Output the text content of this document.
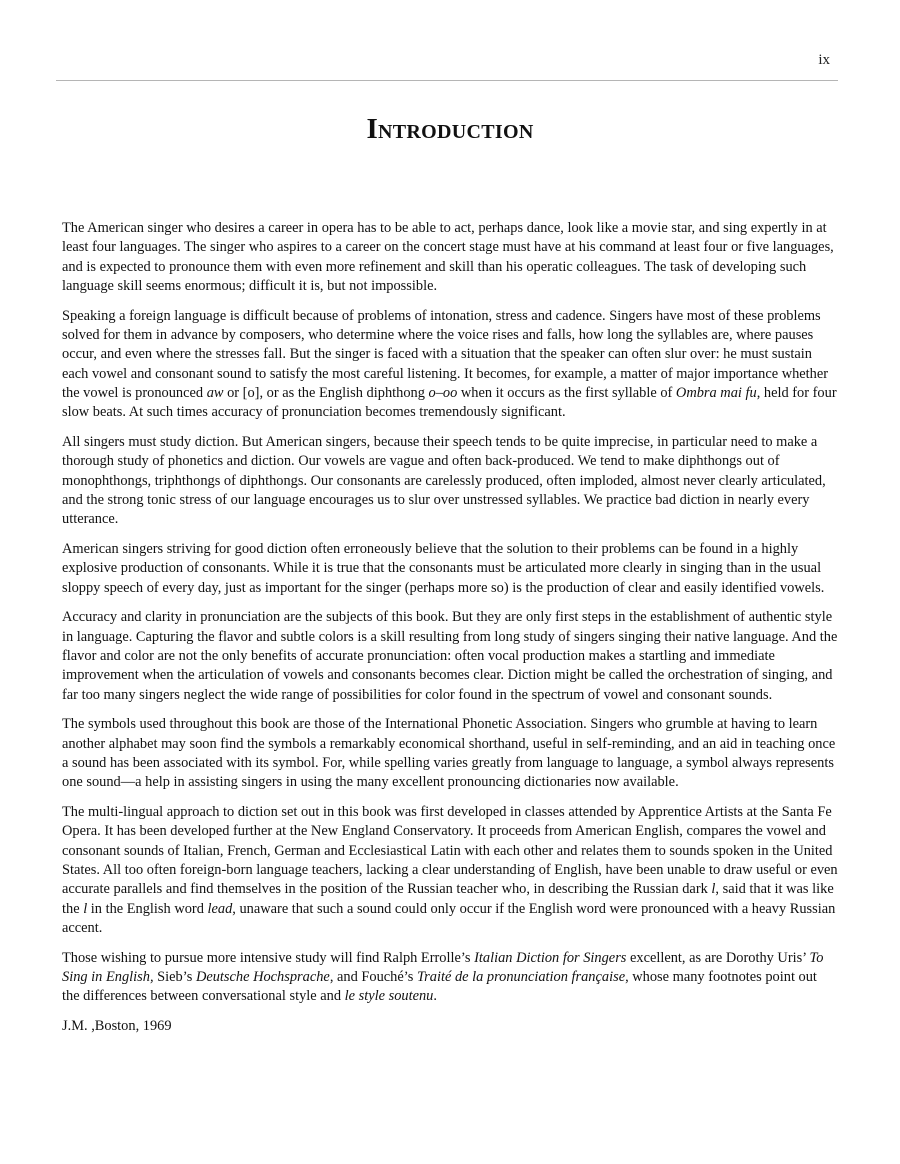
ix
Introduction

The American singer who desires a career in opera has to be able to act, perhaps dance, look like a movie star, and sing expertly in at least four languages. The singer who aspires to a career on the concert stage must have at his command at least four or five languages, and is expected to pronounce them with even more refinement and skill than his operatic colleagues. The task of developing such language skill seems enormous; difficult it is, but not impossible.

Speaking a foreign language is difficult because of problems of intonation, stress and cadence. Singers have most of these problems solved for them in advance by composers, who determine where the voice rises and falls, how long the syllables are, where pauses occur, and even where the stresses fall. But the singer is faced with a situation that the speaker can often slur over: he must sustain each vowel and consonant sound to satisfy the most careful listening. It becomes, for example, a matter of major importance whether the vowel is pronounced aw or [o], or as the English diphthong o–oo when it occurs as the first syllable of Ombra mai fu, held for four slow beats. At such times accuracy of pronunciation becomes tremendously significant.

All singers must study diction. But American singers, because their speech tends to be quite imprecise, in particular need to make a thorough study of phonetics and diction. Our vowels are vague and often back-produced. We tend to make diphthongs out of monophthongs, triphthongs of diphthongs. Our consonants are carelessly produced, often imploded, almost never clearly articulated, and the strong tonic stress of our language encourages us to slur over unstressed syllables. We practice bad diction in nearly every utterance.

American singers striving for good diction often erroneously believe that the solution to their problems can be found in a highly explosive production of consonants. While it is true that the consonants must be articulated more clearly in singing than in the usual sloppy speech of every day, just as important for the singer (perhaps more so) is the production of clear and easily identified vowels.

Accuracy and clarity in pronunciation are the subjects of this book. But they are only first steps in the establishment of authentic style in language. Capturing the flavor and subtle colors is a skill resulting from long study of singers singing their native language. And the flavor and color are not the only benefits of accurate pronunciation: often vocal production makes a startling and immediate improvement when the articulation of vowels and consonants becomes clear. Diction might be called the orchestration of singing, and far too many singers neglect the wide range of possibilities for color found in the spectrum of vowel and consonant sounds.

The symbols used throughout this book are those of the International Phonetic Association. Singers who grumble at having to learn another alphabet may soon find the symbols a remarkably economical shorthand, useful in self-reminding, and an aid in teaching once a sound has been associated with its symbol. For, while spelling varies greatly from language to language, a symbol always represents one sound—a help in assisting singers in using the many excellent pronouncing dictionaries now available.

The multi-lingual approach to diction set out in this book was first developed in classes attended by Apprentice Artists at the Santa Fe Opera. It has been developed further at the New England Conservatory. It proceeds from American English, compares the vowel and consonant sounds of Italian, French, German and Ecclesiastical Latin with each other and relates them to sounds spoken in the United States. All too often foreign-born language teachers, lacking a clear understanding of English, have been unable to draw useful or even accurate parallels and find themselves in the position of the Russian teacher who, in describing the Russian dark l, said that it was like the l in the English word lead, unaware that such a sound could only occur if the English word were pronounced with a heavy Russian accent.

Those wishing to pursue more intensive study will find Ralph Errolle’s Italian Diction for Singers excellent, as are Dorothy Uris’ To Sing in English, Sieb’s Deutsche Hochsprache, and Fouché’s Traité de la pronunciation française, whose many footnotes point out the differences between conversational style and le style soutenu.

J.M. ,Boston, 1969
